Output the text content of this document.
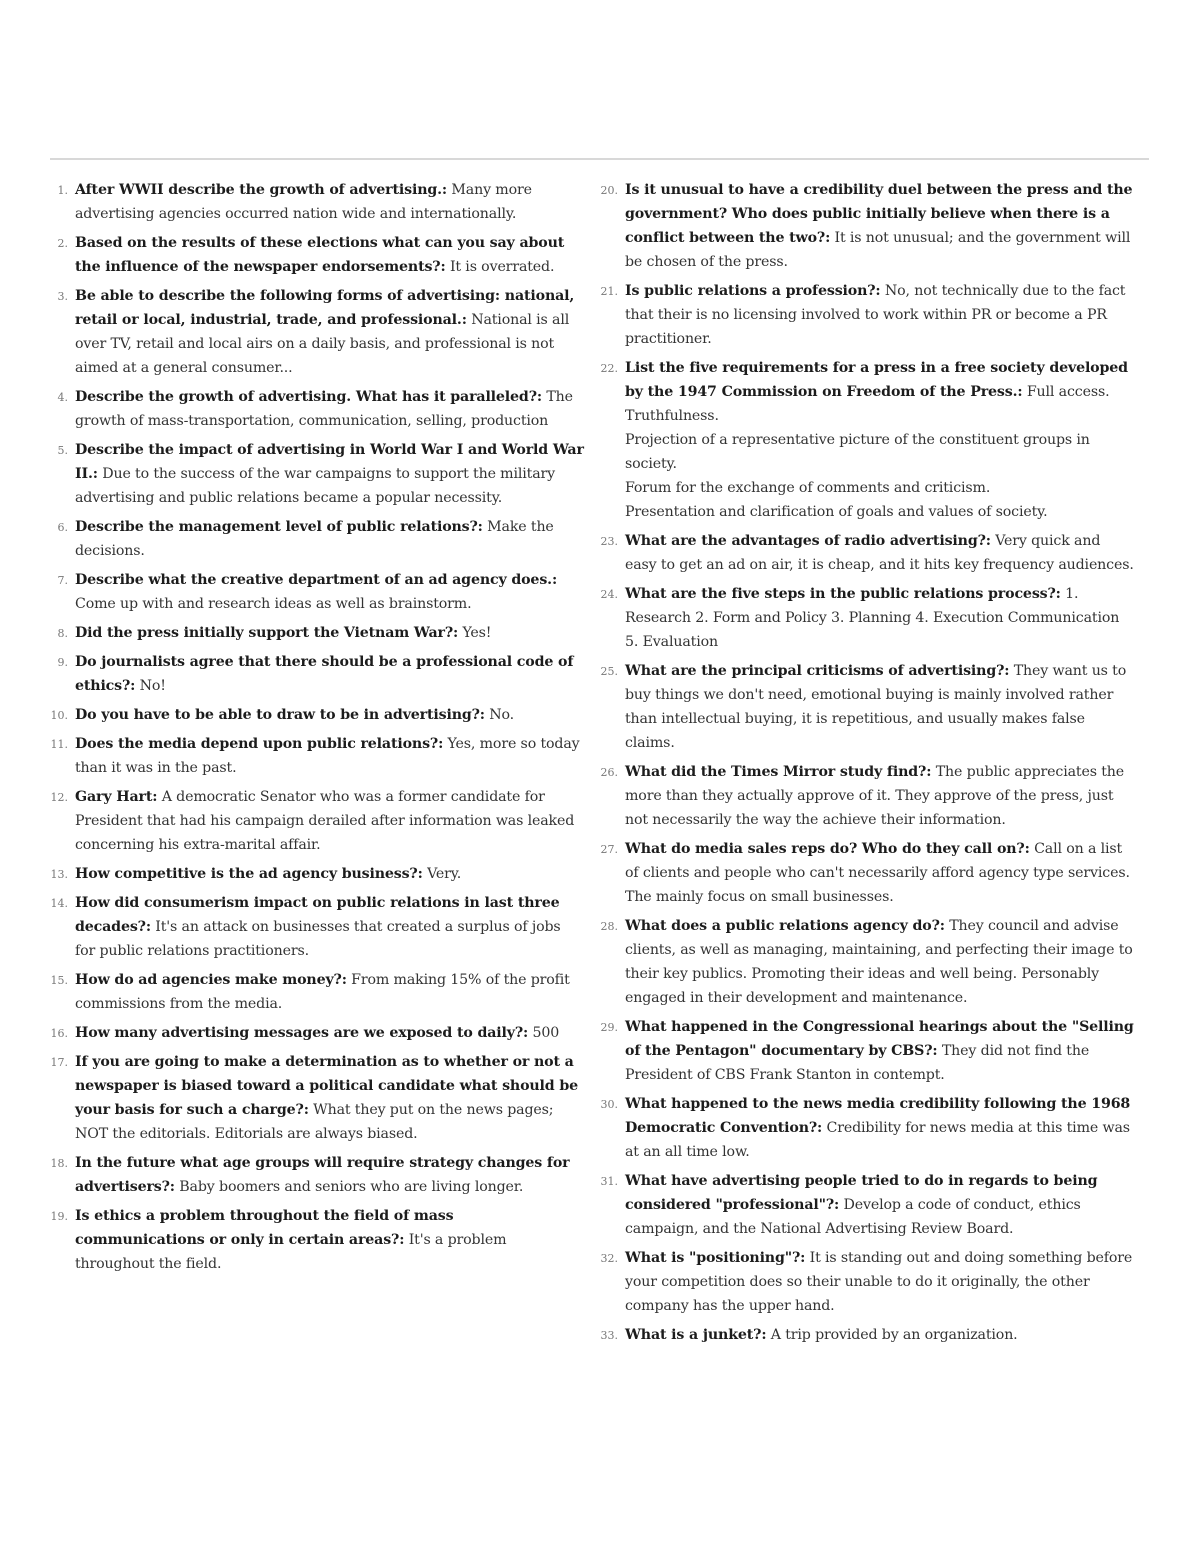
1. After WWII describe the growth of advertising.: Many more advertising agencies occurred nation wide and internationally.
2. Based on the results of these elections what can you say about the influence of the newspaper endorsements?: It is overrated.
3. Be able to describe the following forms of advertising: national, retail or local, industrial, trade, and professional.: National is all over TV, retail and local airs on a daily basis, and professional is not aimed at a general consumer...
4. Describe the growth of advertising. What has it paralleled?: The growth of mass-transportation, communication, selling, production
5. Describe the impact of advertising in World War I and World War II.: Due to the success of the war campaigns to support the military advertising and public relations became a popular necessity.
6. Describe the management level of public relations?: Make the decisions.
7. Describe what the creative department of an ad agency does.: Come up with and research ideas as well as brainstorm.
8. Did the press initially support the Vietnam War?: Yes!
9. Do journalists agree that there should be a professional code of ethics?: No!
10. Do you have to be able to draw to be in advertising?: No.
11. Does the media depend upon public relations?: Yes, more so today than it was in the past.
12. Gary Hart: A democratic Senator who was a former candidate for President that had his campaign derailed after information was leaked concerning his extra-marital affair.
13. How competitive is the ad agency business?: Very.
14. How did consumerism impact on public relations in last three decades?: It's an attack on businesses that created a surplus of jobs for public relations practitioners.
15. How do ad agencies make money?: From making 15% of the profit commissions from the media.
16. How many advertising messages are we exposed to daily?: 500
17. If you are going to make a determination as to whether or not a newspaper is biased toward a political candidate what should be your basis for such a charge?: What they put on the news pages; NOT the editorials. Editorials are always biased.
18. In the future what age groups will require strategy changes for advertisers?: Baby boomers and seniors who are living longer.
19. Is ethics a problem throughout the field of mass communications or only in certain areas?: It's a problem throughout the field.
20. Is it unusual to have a credibility duel between the press and the government? Who does public initially believe when there is a conflict between the two?: It is not unusual; and the government will be chosen of the press.
21. Is public relations a profession?: No, not technically due to the fact that their is no licensing involved to work within PR or become a PR practitioner.
22. List the five requirements for a press in a free society developed by the 1947 Commission on Freedom of the Press.: Full access.
Truthfulness.
Projection of a representative picture of the constituent groups in society.
Forum for the exchange of comments and criticism.
Presentation and clarification of goals and values of society.
23. What are the advantages of radio advertising?: Very quick and easy to get an ad on air, it is cheap, and it hits key frequency audiences.
24. What are the five steps in the public relations process?: 1. Research 2. Form and Policy 3. Planning 4. Execution Communication 5. Evaluation
25. What are the principal criticisms of advertising?: They want us to buy things we don't need, emotional buying is mainly involved rather than intellectual buying, it is repetitious, and usually makes false claims.
26. What did the Times Mirror study find?: The public appreciates the more than they actually approve of it. They approve of the press, just not necessarily the way the achieve their information.
27. What do media sales reps do? Who do they call on?: Call on a list of clients and people who can't necessarily afford agency type services. The mainly focus on small businesses.
28. What does a public relations agency do?: They council and advise clients, as well as managing, maintaining, and perfecting their image to their key publics. Promoting their ideas and well being. Personably engaged in their development and maintenance.
29. What happened in the Congressional hearings about the "Selling of the Pentagon" documentary by CBS?: They did not find the President of CBS Frank Stanton in contempt.
30. What happened to the news media credibility following the 1968 Democratic Convention?: Credibility for news media at this time was at an all time low.
31. What have advertising people tried to do in regards to being considered "professional"?: Develop a code of conduct, ethics campaign, and the National Advertising Review Board.
32. What is "positioning"?: It is standing out and doing something before your competition does so their unable to do it originally, the other company has the upper hand.
33. What is a junket?: A trip provided by an organization.
